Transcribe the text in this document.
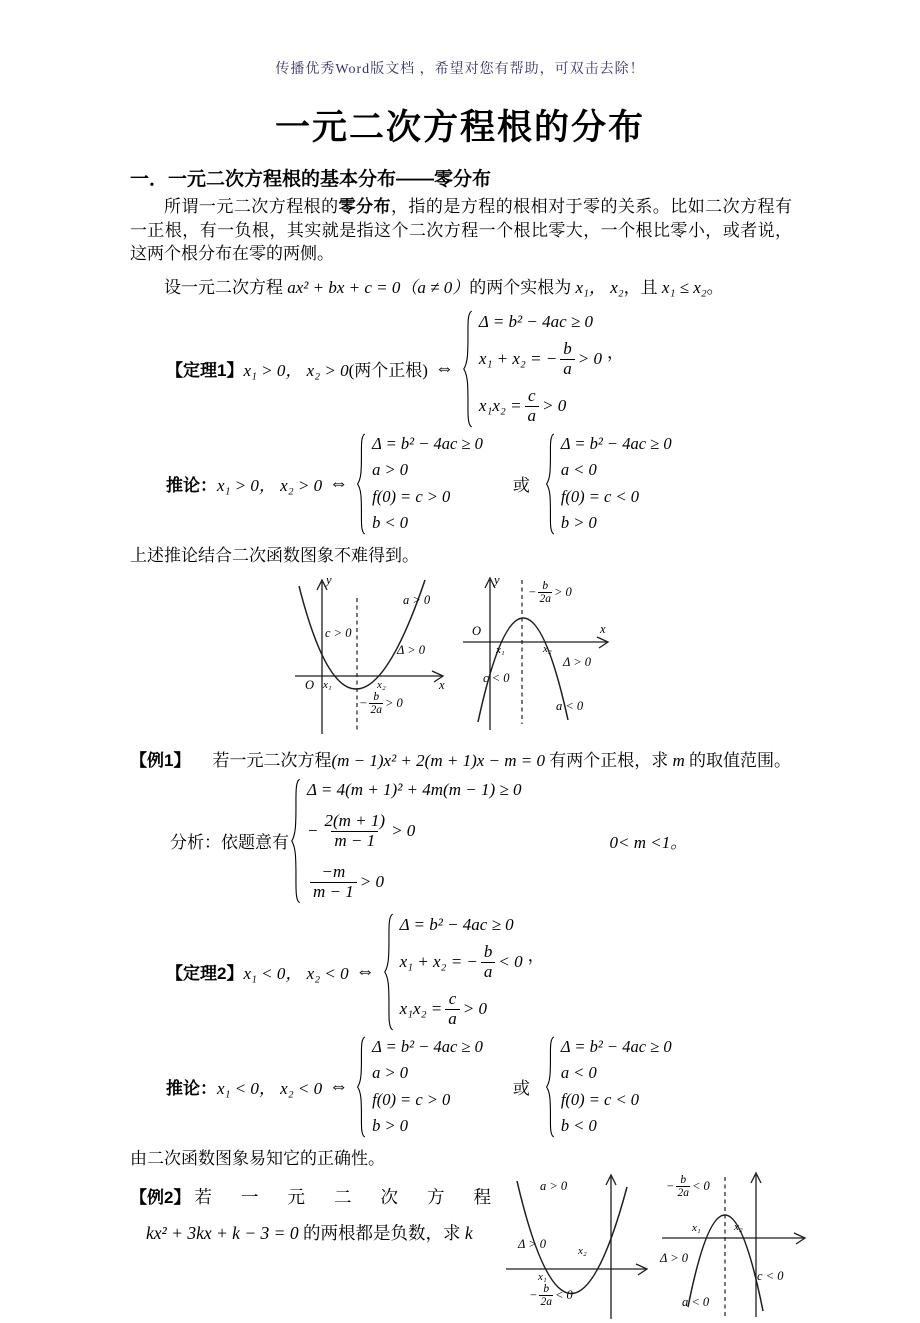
传播优秀Word版文档 ，希望对您有帮助，可双击去除！
一元二次方程根的分布
一．一元二次方程根的基本分布——零分布

所谓一元二次方程根的零分布，指的是方程的根相对于零的关系。比如二次方程有一正根，有一负根，其实就是指这个二次方程一个根比零大，一个根比零小，或者说，这两个根分布在零的两侧。

设一元二次方程 ax² + bx + c = 0（a ≠ 0）的两个实根为 x₁， x₂，且 x₁ ≤ x₂。

【定理1】 x₁ > 0， x₂ > 0 (两个正根) ⇔
Δ = b² − 4ac ≥ 0
x₁ + x₂ = − $\frac{b}{a} > 0$
$x_1x_2 = \frac{c}{a} > 0$
，
推论： x₁ > 0， x₂ > 0 ⇔
Δ = b² − 4ac ≥ 0
a > 0
f(0) = c > 0
b < 0
或
Δ = b² − 4ac ≥ 0
a < 0
f(0) = c < 0
b > 0

上述推论结合二次函数图象不难得到。

y
x
O x₁	x₂
c > 0
a > 0
Δ > 0
− $\frac{b}{2a} > 0$
y
x
O
x₁	x₂
− $\frac{b}{2a} > 0$
c < 0
Δ > 0
a < 0

【例1】 若一元二次方程(m − 1)x² + 2(m + 1)x − m = 0 有两个正根，求 m 的取值范围。

分析：依题意有
Δ = 4(m + 1)² + 4m(m − 1) ≥ 0
− $\frac{2(m + 1)}{m - 1} > 0$
$\frac{-m}{m - 1} > 0$
0< m <1。
【定理2】 x₁ < 0， x₂ < 0 ⇔
Δ = b² − 4ac ≥ 0
x₁ + x₂ = − $\frac{b}{a} < 0$
$x_1x_2 = \frac{c}{a} > 0$
，
推论： x₁ < 0， x₂ < 0 ⇔
Δ = b² − 4ac ≥ 0
a > 0
f(0) = c > 0
b > 0
或
Δ = b² − 4ac ≥ 0
a < 0
f(0) = c < 0
b < 0

由二次函数图象易知它的正确性。

【例2】 若一元二次方程
kx² + 3kx + k − 3 = 0 的两根都是负数，求 k
a > 0
Δ > 0	x₂
x₁
− $\frac{b}{2a} < 0$
− $\frac{b}{2a} < 0$
x₁	x₂
Δ > 0
a < 0
c < 0
